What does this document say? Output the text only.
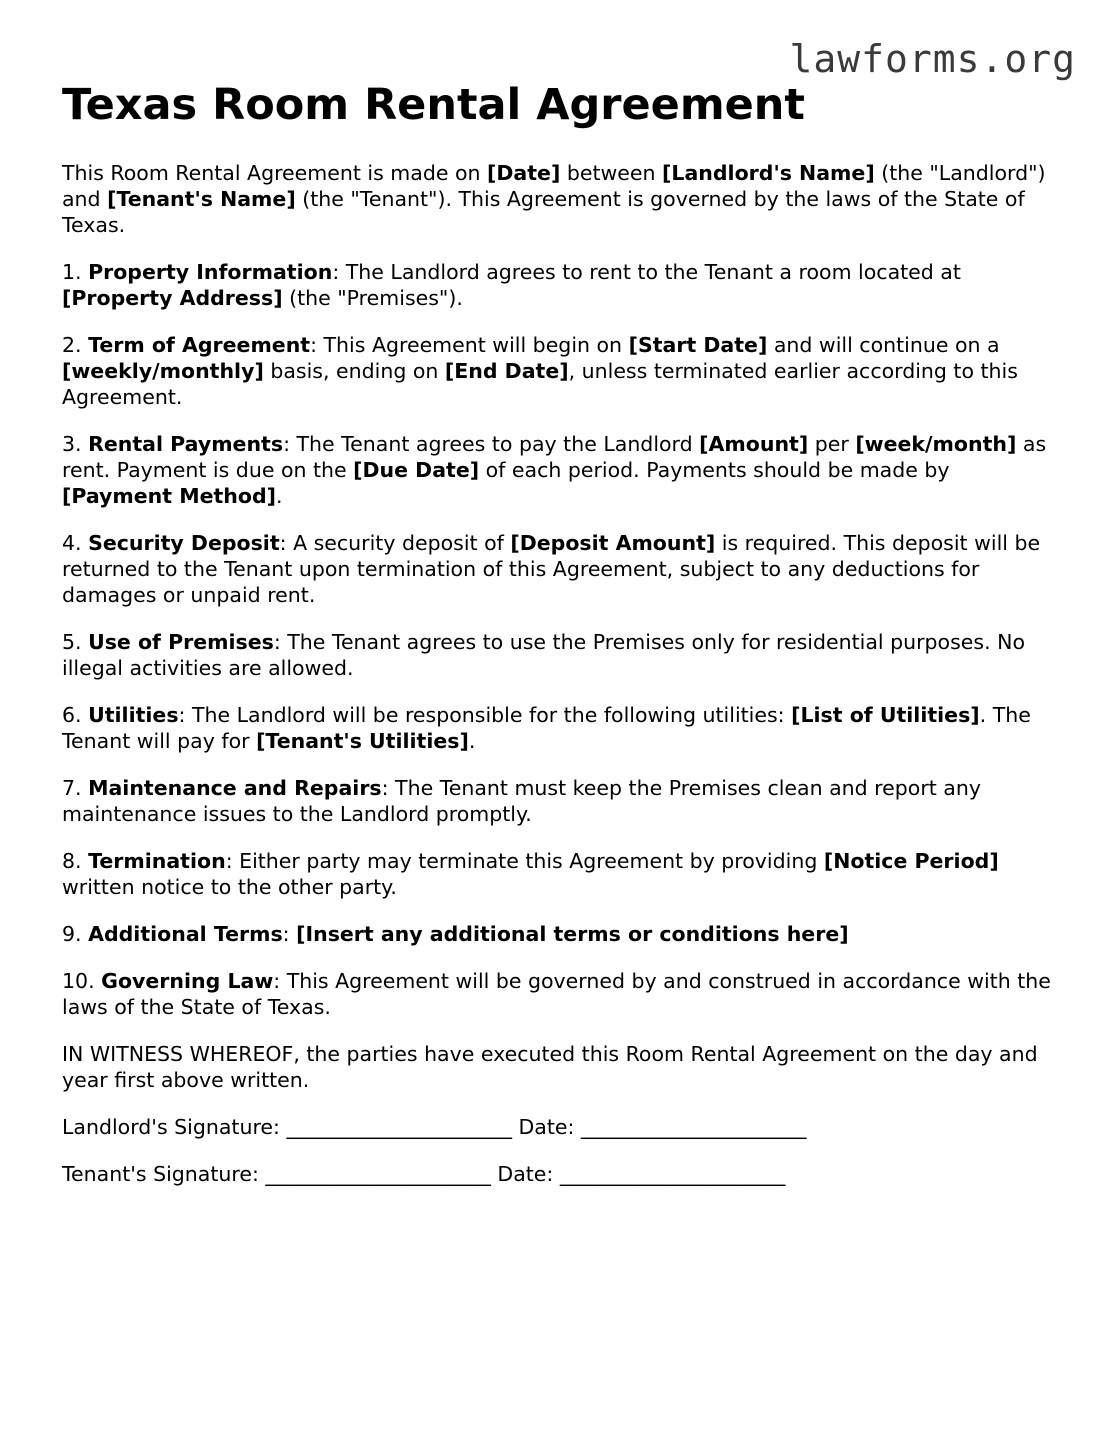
lawforms.org
Texas Room Rental Agreement

This Room Rental Agreement is made on [Date] between [Landlord's Name] (the "Landlord") and [Tenant's Name] (the "Tenant"). This Agreement is governed by the laws of the State of Texas.

1. Property Information: The Landlord agrees to rent to the Tenant a room located at [Property Address] (the "Premises").

2. Term of Agreement: This Agreement will begin on [Start Date] and will continue on a [weekly/monthly] basis, ending on [End Date], unless terminated earlier according to this Agreement.

3. Rental Payments: The Tenant agrees to pay the Landlord [Amount] per [week/month] as rent. Payment is due on the [Due Date] of each period. Payments should be made by [Payment Method].

4. Security Deposit: A security deposit of [Deposit Amount] is required. This deposit will be returned to the Tenant upon termination of this Agreement, subject to any deductions for damages or unpaid rent.

5. Use of Premises: The Tenant agrees to use the Premises only for residential purposes. No illegal activities are allowed.

6. Utilities: The Landlord will be responsible for the following utilities: [List of Utilities]. The Tenant will pay for [Tenant's Utilities].

7. Maintenance and Repairs: The Tenant must keep the Premises clean and report any maintenance issues to the Landlord promptly.

8. Termination: Either party may terminate this Agreement by providing [Notice Period] written notice to the other party.

9. Additional Terms: [Insert any additional terms or conditions here]

10. Governing Law: This Agreement will be governed by and construed in accordance with the laws of the State of Texas.

IN WITNESS WHEREOF, the parties have executed this Room Rental Agreement on the day and year first above written.

Landlord's Signature: ______________________ Date: ______________________

Tenant's Signature: ______________________ Date: ______________________
